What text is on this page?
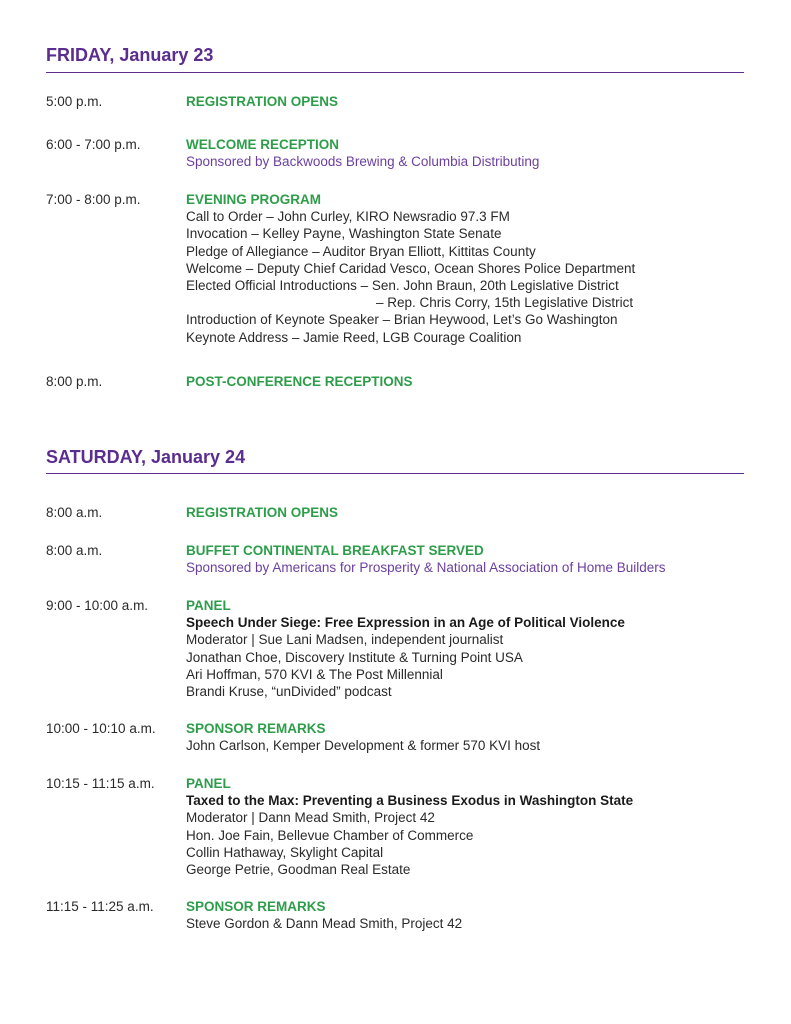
FRIDAY, January 23
5:00 p.m.	REGISTRATION OPENS
6:00 - 7:00 p.m.	WELCOME RECEPTION
Sponsored by Backwoods Brewing & Columbia Distributing
7:00 - 8:00 p.m.	EVENING PROGRAM
Call to Order – John Curley, KIRO Newsradio 97.3 FM
Invocation – Kelley Payne, Washington State Senate
Pledge of Allegiance – Auditor Bryan Elliott, Kittitas County
Welcome – Deputy Chief Caridad Vesco, Ocean Shores Police Department
Elected Official Introductions – Sen. John Braun, 20th Legislative District
– Rep. Chris Corry, 15th Legislative District
Introduction of Keynote Speaker – Brian Heywood, Let’s Go Washington
Keynote Address – Jamie Reed, LGB Courage Coalition
8:00 p.m.	POST-CONFERENCE RECEPTIONS
SATURDAY, January 24
8:00 a.m.	REGISTRATION OPENS
8:00 a.m.	BUFFET CONTINENTAL BREAKFAST SERVED
Sponsored by Americans for Prosperity & National Association of Home Builders
9:00 - 10:00 a.m.	PANEL
Speech Under Siege: Free Expression in an Age of Political Violence
Moderator | Sue Lani Madsen, independent journalist
Jonathan Choe, Discovery Institute & Turning Point USA
Ari Hoffman, 570 KVI & The Post Millennial
Brandi Kruse, “unDivided” podcast
10:00 - 10:10 a.m. SPONSOR REMARKS
John Carlson, Kemper Development & former 570 KVI host
10:15 - 11:15 a.m. PANEL
Taxed to the Max: Preventing a Business Exodus in Washington State
Moderator | Dann Mead Smith, Project 42
Hon. Joe Fain, Bellevue Chamber of Commerce
Collin Hathaway, Skylight Capital
George Petrie, Goodman Real Estate
11:15 - 11:25 a.m. SPONSOR REMARKS
Steve Gordon & Dann Mead Smith, Project 42
